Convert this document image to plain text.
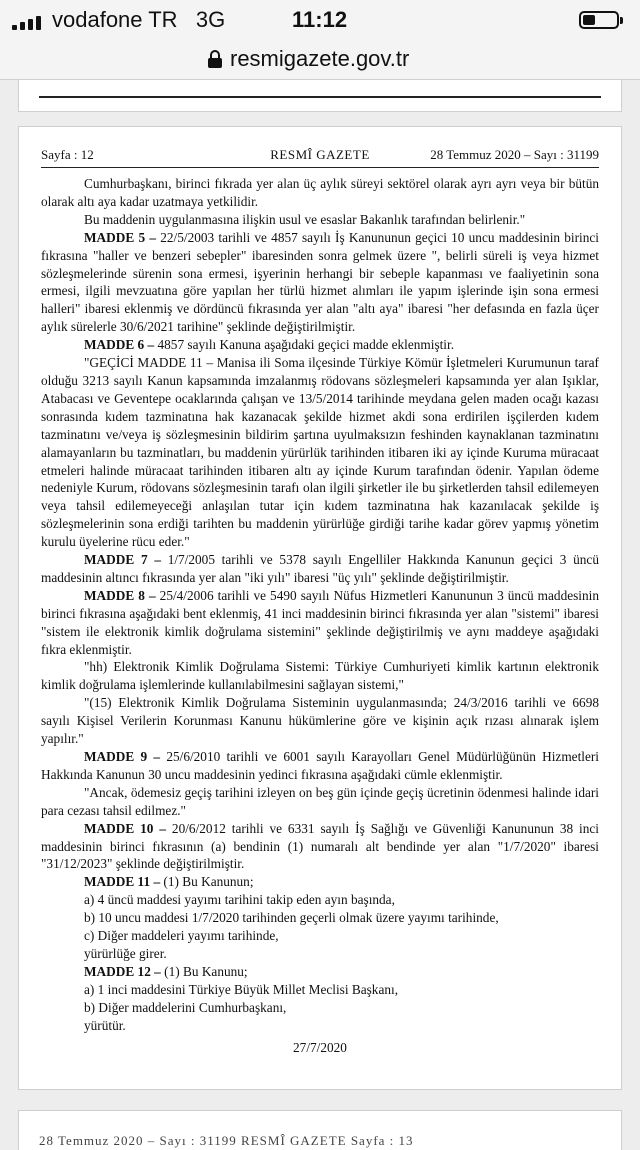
vodafone TR 3G	11:12
resmigazete.gov.tr
Sayfa : 12	RESMÎ GAZETE	28 Temmuz 2020 – Sayı : 31199

Cumhurbaşkanı, birinci fıkrada yer alan üç aylık süreyi sektörel olarak ayrı ayrı veya bir bütün olarak altı aya kadar uzatmaya yetkilidir.

Bu maddenin uygulanmasına ilişkin usul ve esaslar Bakanlık tarafından belirlenir."

MADDE 5 – 22/5/2003 tarihli ve 4857 sayılı İş Kanununun geçici 10 uncu maddesinin birinci fıkrasına "haller ve benzeri sebepler" ibaresinden sonra gelmek üzere ", belirli süreli iş veya hizmet sözleşmelerinde sürenin sona ermesi, işyerinin herhangi bir sebeple kapanması ve faaliyetinin sona ermesi, ilgili mevzuatına göre yapılan her türlü hizmet alımları ile yapım işlerinde işin sona ermesi halleri" ibaresi eklenmiş ve dördüncü fıkrasında yer alan "altı aya" ibaresi "her defasında en fazla üçer aylık sürelerle 30/6/2021 tarihine" şeklinde değiştirilmiştir.

MADDE 6 – 4857 sayılı Kanuna aşağıdaki geçici madde eklenmiştir.

"GEÇİCİ MADDE 11 – Manisa ili Soma ilçesinde Türkiye Kömür İşletmeleri Kurumunun taraf olduğu 3213 sayılı Kanun kapsamında imzalanmış rödovans sözleşmeleri kapsamında yer alan Işıklar, Atabacası ve Geventepe ocaklarında çalışan ve 13/5/2014 tarihinde meydana gelen maden ocağı kazası sonrasında kıdem tazminatına hak kazanacak şekilde hizmet akdi sona erdirilen işçilerden kıdem tazminatını ve/veya iş sözleşmesinin bildirim şartına uyulmaksızın feshinden kaynaklanan tazminatını alamayanların bu tazminatları, bu maddenin yürürlük tarihinden itibaren iki ay içinde Kuruma müracaat etmeleri halinde müracaat tarihinden itibaren altı ay içinde Kurum tarafından ödenir. Yapılan ödeme nedeniyle Kurum, rödovans sözleşmesinin tarafı olan ilgili şirketler ile bu şirketlerden tahsil edilemeyen veya tahsil edilemeyeceği anlaşılan tutar için kıdem tazminatına hak kazanılacak şekilde iş sözleşmelerinin sona erdiği tarihten bu maddenin yürürlüğe girdiği tarihe kadar görev yapmış yönetim kurulu üyelerine rücu eder."

MADDE 7 – 1/7/2005 tarihli ve 5378 sayılı Engelliler Hakkında Kanunun geçici 3 üncü maddesinin altıncı fıkrasında yer alan "iki yılı" ibaresi "üç yılı" şeklinde değiştirilmiştir.

MADDE 8 – 25/4/2006 tarihli ve 5490 sayılı Nüfus Hizmetleri Kanununun 3 üncü maddesinin birinci fıkrasına aşağıdaki bent eklenmiş, 41 inci maddesinin birinci fıkrasında yer alan "sistemi" ibaresi "sistem ile elektronik kimlik doğrulama sistemini" şeklinde değiştirilmiş ve aynı maddeye aşağıdaki fıkra eklenmiştir.

"hh) Elektronik Kimlik Doğrulama Sistemi: Türkiye Cumhuriyeti kimlik kartının elektronik kimlik doğrulama işlemlerinde kullanılabilmesini sağlayan sistemi,"

"(15) Elektronik Kimlik Doğrulama Sisteminin uygulanmasında; 24/3/2016 tarihli ve 6698 sayılı Kişisel Verilerin Korunması Kanunu hükümlerine göre ve kişinin açık rızası alınarak işlem yapılır."

MADDE 9 – 25/6/2010 tarihli ve 6001 sayılı Karayolları Genel Müdürlüğünün Hizmetleri Hakkında Kanunun 30 uncu maddesinin yedinci fıkrasına aşağıdaki cümle eklenmiştir.

"Ancak, ödemesiz geçiş tarihini izleyen on beş gün içinde geçiş ücretinin ödenmesi halinde idari para cezası tahsil edilmez."

MADDE 10 – 20/6/2012 tarihli ve 6331 sayılı İş Sağlığı ve Güvenliği Kanununun 38 inci maddesinin birinci fıkrasının (a) bendinin (1) numaralı alt bendinde yer alan "1/7/2020" ibaresi "31/12/2023" şeklinde değiştirilmiştir.

MADDE 11 – (1) Bu Kanunun;

a) 4 üncü maddesi yayımı tarihini takip eden ayın başında,

b) 10 uncu maddesi 1/7/2020 tarihinden geçerli olmak üzere yayımı tarihinde,

c) Diğer maddeleri yayımı tarihinde,

yürürlüğe girer.

MADDE 12 – (1) Bu Kanunu;

a) 1 inci maddesini Türkiye Büyük Millet Meclisi Başkanı,

b) Diğer maddelerini Cumhurbaşkanı,

yürütür.

27/7/2020

28 Temmuz 2020 – Sayı : 31199 RESMÎ GAZETE Sayfa : 13
